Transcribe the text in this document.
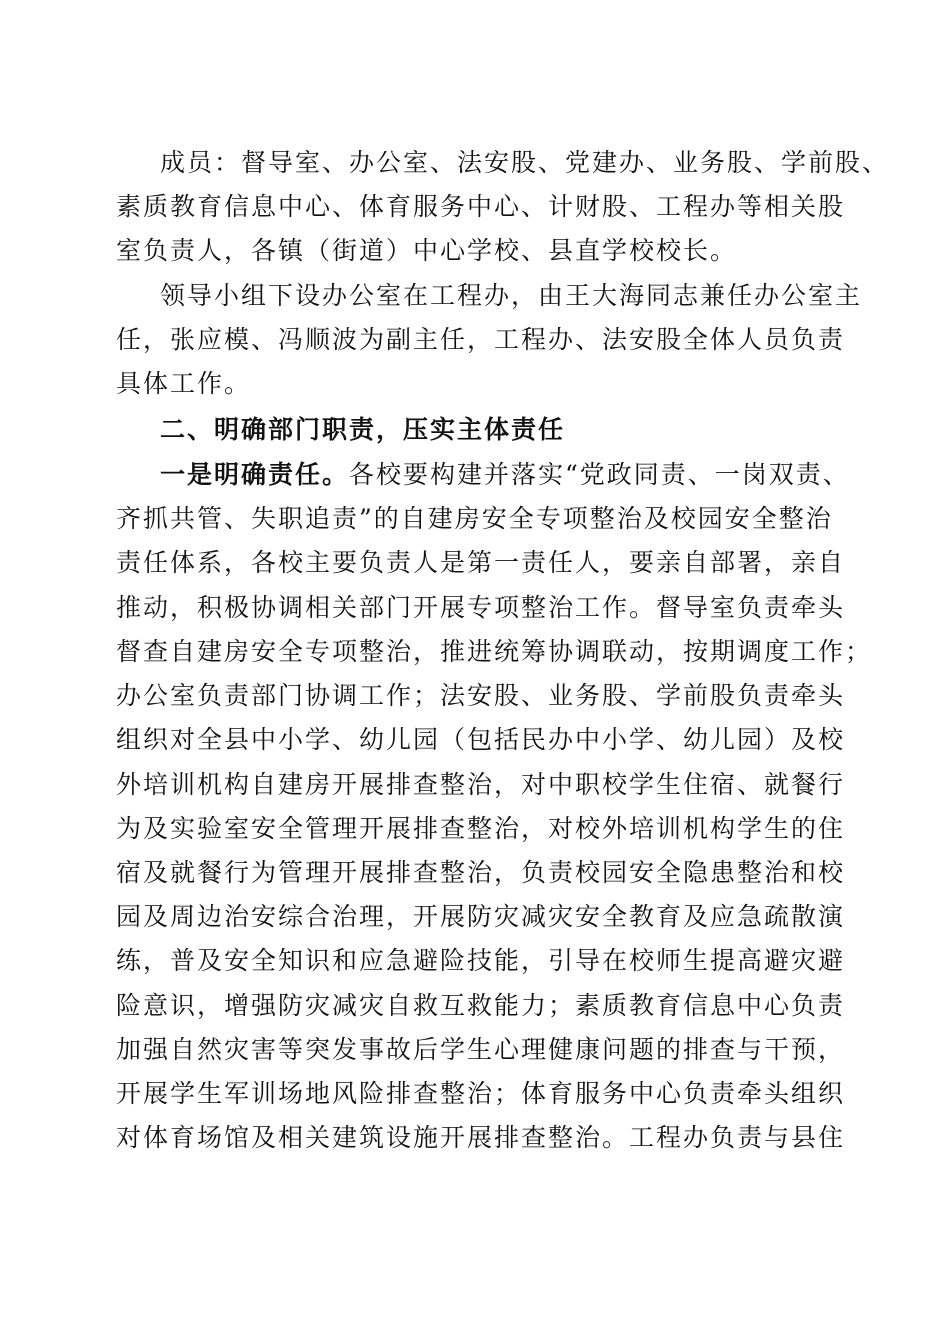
成员：督导室、办公室、法安股、党建办、业务股、学前股、
素质教育信息中心、体育服务中心、计财股、工程办等相关股
室负责人，各镇（街道）中心学校、县直学校校长。
领导小组下设办公室在工程办，由王大海同志兼任办公室主
任，张应模、冯顺波为副主任，工程办、法安股全体人员负责
具体工作。
二、明确部门职责，压实主体责任
一是明确责任。各校要构建并落实“党政同责、一岗双责、
齐抓共管、失职追责”的自建房安全专项整治及校园安全整治
责任体系，各校主要负责人是第一责任人，要亲自部署，亲自
推动，积极协调相关部门开展专项整治工作。督导室负责牵头
督查自建房安全专项整治，推进统筹协调联动，按期调度工作；
办公室负责部门协调工作；法安股、业务股、学前股负责牵头
组织对全县中小学、幼儿园（包括民办中小学、幼儿园）及校
外培训机构自建房开展排查整治，对中职校学生住宿、就餐行
为及实验室安全管理开展排查整治，对校外培训机构学生的住
宿及就餐行为管理开展排查整治，负责校园安全隐患整治和校
园及周边治安综合治理，开展防灾减灾安全教育及应急疏散演
练，普及安全知识和应急避险技能，引导在校师生提高避灾避
险意识，增强防灾减灾自救互救能力；素质教育信息中心负责
加强自然灾害等突发事故后学生心理健康问题的排查与干预，
开展学生军训场地风险排查整治；体育服务中心负责牵头组织
对体育场馆及相关建筑设施开展排查整治。工程办负责与县住
